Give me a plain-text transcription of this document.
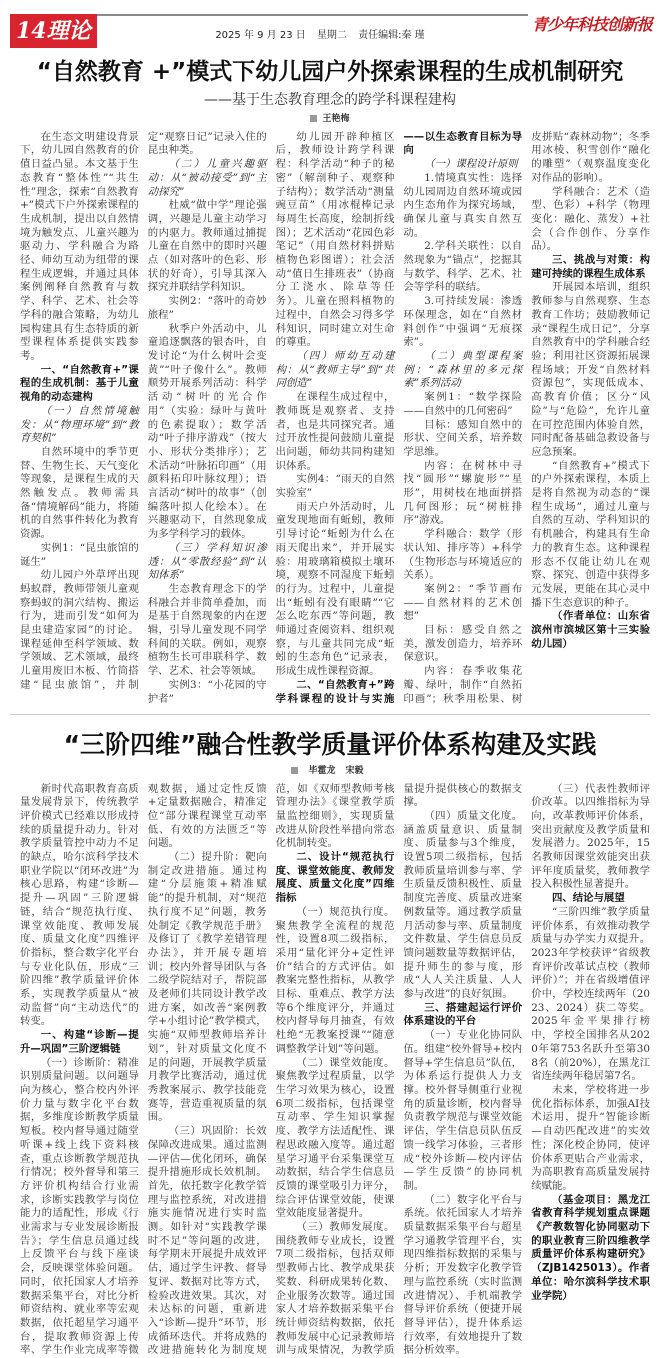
14理论	2025 年 9 月 23 日 星期二 责任编辑:秦 瑾
青少年科技创新报
“自然教育 +”模式下幼儿园户外探索课程的生成机制研究
——基于生态教育理念的跨学科课程建构
王艳梅

在生态文明建设背景下，幼儿园自然教育的价值日益凸显。本文基于生态教育“整体性”“共生性”理念，探索“自然教育+”模式下户外探索课程的生成机制，提出以自然情境为触发点、儿童兴趣为驱动力、学科融合为路径、师幼互动为纽带的课程生成逻辑，并通过具体案例阐释自然教育与数学、科学、艺术、社会等学科的融合策略，为幼儿园构建具有生态特质的新型课程体系提供实践参考。

一、“自然教育+”课程的生成机制：基于儿童视角的动态建构

（一）自然情境触发：从“物理环境”到“教育契机”

自然环境中的季节更替、生物生长、天气变化等现象，是课程生成的天然触发点。教师需具备“情境解码”能力，将随机的自然事件转化为教育资源。

实例1：“昆虫旅馆的诞生”

幼儿园户外草坪出现蚂蚁群，教师带领儿童观察蚂蚁的洞穴结构、搬运行为，进而引发“如何为昆虫建造家园”的讨论。课程延伸至科学领域、数学领域、艺术领域，最终儿童用废旧木板、竹筒搭建“昆虫旅馆”，并制定“观察日记”记录入住的昆虫种类。

（二）儿童兴趣驱动：从“被动接受”到“主动探究”

杜威“做中学”理论强调，兴趣是儿童主动学习的内驱力。教师通过捕捉儿童在自然中的即时兴趣点（如对落叶的色彩、形状的好奇），引导其深入探究并联结学科知识。

实例2：“落叶的奇妙旅程”

秋季户外活动中，儿童追逐飘落的银杏叶，自发讨论“为什么树叶会变黄”“叶子像什么”。教师顺势开展系列活动：科学活动“树叶的光合作用”（实验：绿叶与黄叶的色素提取）；数学活动“叶子排序游戏”（按大小、形状分类排序）；艺术活动“叶脉拓印画”（用颜料拓印叶脉纹理）；语言活动“树叶的故事”（创编落叶拟人化绘本）。在兴趣驱动下，自然现象成为多学科学习的载体。

（三）学科知识渗透：从“零散经验”到“认知体系”

生态教育理念下的学科融合并非简单叠加，而是基于自然现象的内在逻辑，引导儿童发现不同学科间的关联。例如，观察植物生长可串联科学、数学、艺术、社会等领域。

实例3：“小花园的守护者”

幼儿园开辟种植区后，教师设计跨学科课程：科学活动“种子的秘密”（解剖种子、观察种子结构）；数学活动“测量豌豆苗”（用冰棍棒记录每周生长高度，绘制折线图）；艺术活动“花园色彩笔记”（用自然材料拼贴植物色彩图谱）；社会活动“值日生排班表”（协商分工浇水、除草等任务）。儿童在照料植物的过程中，自然会习得多学科知识，同时建立对生命的尊重。

（四）师幼互动建构：从“教师主导”到“共同创造”

在课程生成过程中，教师既是观察者、支持者，也是共同探究者。通过开放性提问鼓励儿童提出问题，师幼共同构建知识体系。

实例4：“雨天的自然实验室”

雨天户外活动时，儿童发现地面有蚯蚓，教师引导讨论“蚯蚓为什么在雨天爬出来”，并开展实验：用玻璃箱模拟土壤环境，观察不同湿度下蚯蚓的行为。过程中，儿童提出“蚯蚓有没有眼睛”“它怎么吃东西”等问题，教师通过查阅资料、组织观察，与儿童共同完成“蚯蚓的生态角色”记录表，形成生成性课程资源。

二、“自然教育+”跨学科课程的设计与实施——以生态教育目标为导向

（一）课程设计原则

1.情境真实性：选择幼儿园周边自然环境或园内生态角作为探究场域，确保儿童与真实自然互动。

2.学科关联性：以自然现象为“锚点”，挖掘其与数学、科学、艺术、社会等学科的联结。

3.可持续发展：渗透环保理念，如在“自然材料创作”中强调“无痕探索”。

（二）典型课程案例：“森林里的多元探索”系列活动

案例1：“数学探险——自然中的几何密码”

目标：感知自然中的形状、空间关系，培养数学思维。

内容：在树林中寻找“圆形”“螺旋形”“星形”，用树枝在地面拼搭几何图形；玩“树桩排序”游戏。

学科融合：数学（形状认知、排序等）+科学（生物形态与环境适应的关系）。

案例2：“季节画布——自然材料的艺术创想”

目标：感受自然之美，激发创造力，培养环保意识。

内容：春季收集花瓣、绿叶，制作“自然拓印画”；秋季用松果、树皮拼贴“森林动物”；冬季用冰棱、积雪创作“融化的雕塑”（观察温度变化对作品的影响）。

学科融合：艺术（造型、色彩）+科学（物理变化：融化、蒸发）+社会（合作创作、分享作品）。

三、挑战与对策：构建可持续的课程生成体系

开展园本培训，组织教师参与自然观察、生态教育工作坊；鼓励教师记录“课程生成日记”，分享自然教育中的学科融合经验；利用社区资源拓展课程场域；开发“自然材料资源包”，实现低成本、高教育价值；区分“风险”与“危险”，允许儿童在可控范围内体验自然，同时配备基础急救设备与应急预案。

“自然教育+”模式下的户外探索课程，本质上是将自然视为动态的“课程生成场”，通过儿童与自然的互动、学科知识的有机融合，构建具有生命力的教育生态。这种课程形态不仅能让幼儿在观察、探究、创造中获得多元发展，更能在其心灵中播下生态意识的种子。

（作者单位：山东省滨州市滨城区第十三实验幼儿园）

“三阶四维”融合性教学质量评价体系构建及实践
毕霍龙 宋毅

新时代高职教育高质量发展背景下，传统教学评价模式已经难以形成持续的质量提升动力。针对教学质量管控中动力不足的缺点，哈尔滨科学技术职业学院以“闭环改进”为核心思路，构建“诊断—提升—巩固”三阶逻辑链，结合“规范执行度、课堂效能度、教师发展度、质量文化度”四维评价指标，整合数字化平台与专业化队伍，形成“三阶四维”教学质量评价体系，实现教学质量从“被动监督”向“主动迭代”的转变。

一、构建“诊断—提升—巩固”三阶逻辑链

（一）诊断阶：精准识别质量问题。以问题导向为核心，整合校内外评价力量与数字化平台数据，多维度诊断教学质量短板。校内督导通过随堂听课+线上线下资料核查，重点诊断教学规范执行情况；校外督导和第三方评价机构结合行业需求，诊断实践教学与岗位能力的适配性，形成《行业需求与专业发展诊断报告》；学生信息员通过线上反馈平台与线下座谈会，反映课堂体验问题。同时，依托国家人才培养数据采集平台，对比分析师资结构、就业率等宏观数据，依托超星学习通平台，提取教师资源上传率、学生作业完成率等微观数据，通过定性反馈+定量数据融合，精准定位“部分课程课堂互动率低、有效的方法匮乏”等问题。

（二）提升阶：靶向制定改进措施。通过构建“分层施策+精准赋能”的提升机制，对“规范执行度不足”问题，教务处制定《教学规范手册》及修订了《教学差错管理办法》，并开展专题培训；校内外督导团队与各二级学院结对子，帮院部及老师们共同设计教学改进方案，如改善“案例教学+小组讨论”教学模式，实施“双师型教师培养计划”，针对质量文化度不足的问题，开展教学质量月教学比赛活动，通过优秀教案展示、教学技能竞赛等，营造重视质量的氛围。

（三）巩固阶：长效保障改进成果。通过监测—评估—优化闭环，确保提升措施形成长效机制。首先，依托数字化教学管理与监控系统，对改进措施实施情况进行实时监测。如针对“实践教学课时不足”等问题的改进，每学期末开展提升成效评估，通过学生评教、督导复评、数据对比等方式，检验改进效果。其次，对未达标的问题，重新进入“诊断—提升”环节，形成循环迭代。并将成熟的改进措施转化为制度规范，如《双师型教师考核管理办法》《课堂教学质量监控细则》，实现质量改进从阶段性举措向常态化机制转变。

二、设计“规范执行度、课堂效能度、教师发展度、质量文化度”四维指标

（一）规范执行度。聚焦教学全流程的规范性，设置8项二级指标，采用“量化评分+定性评价”结合的方式评估。如教案完整性指标，从教学目标、重难点、教学方法等6个维度评分，并通过校内督导每月抽查，有效杜绝“无教案授课”“随意调整教学计划”等问题。

（二）课堂效能度。聚焦教学过程质量，以学生学习效果为核心，设置6项二级指标，包括课堂互动率、学生知识掌握度、教学方法适配性、课程思政融入度等。通过超星学习通平台采集课堂互动数据，结合学生信息员反馈的课堂吸引力评分，综合评估课堂效能，使课堂效能度显著提升。

（三）教师发展度。围绕教师专业成长，设置7项二级指标，包括双师型教师占比、教学成果获奖数、科研成果转化数、企业服务次数等。通过国家人才培养数据采集平台统计师资结构数据，依托教师发展中心记录教师培训与成果情况，为教学质量提升提供核心的数据支撑。

（四）质量文化度。涵盖质量意识、质量制度、质量参与3个维度，设置5项二级指标，包括教师质量培训参与率、学生质量反馈积极性、质量制度完善度、质量改进案例数量等。通过教学质量月活动参与率、质量制度文件数量、学生信息员反馈问题数量等数据评估，提升师生的参与度，形成“人人关注质量、人人参与改进”的良好氛围。

三、搭建起运行评价体系建设的平台

（一）专业化协同队伍。组建“校外督导+校内督导+学生信息员”队伍，为体系运行提供人力支撑。校外督导侧重行业视角的质量诊断，校内督导负责教学规范与课堂效能评估，学生信息员队伍反馈一线学习体验，三者形成“校外诊断—校内评估—学生反馈”的协同机制。

（二）数字化平台与系统。依托国家人才培养质量数据采集平台与超星学习通教学管理平台，实现四维指标数据的采集与分析；开发数字化教学管理与监控系统（实时监测改进情况）、手机端教学督导评价系统（便捷开展督导评估），提升体系运行效率，有效地提升了数据分析效率。

（三）代表性教师评价改革。以四维指标为导向，改革教师评价体系，突出贡献度及教学质量和发展潜力。2025年，15名教师因课堂效能突出获评年度质量奖，教师教学投入积极性显著提升。

四、结论与展望

“三阶四维”教学质量评价体系，有效推动教学质量与办学实力双提升。2023年学校获评“省级教育评价改革试点校（教师评价）”；并在省级增值评价中，学校连续两年（2023、2024）获二等奖。2025年金平果排行榜中，学校全国排名从2020年第753名跃升至第308名（前20%），在黑龙江省连续两年稳居第7名。

未来，学校将进一步优化指标体系，加强AI技术运用，提升“智能诊断—自动匹配改进”的实效性；深化校企协同，使评价体系更贴合产业需求，为高职教育高质量发展持续赋能。

（基金项目：黑龙江省教育科学规划重点课题《产教数智化协同驱动下的职业教育三阶四维教学质量评价体系构建研究》（ZJB1425013）。作者单位：哈尔滨科学技术职业学院）
